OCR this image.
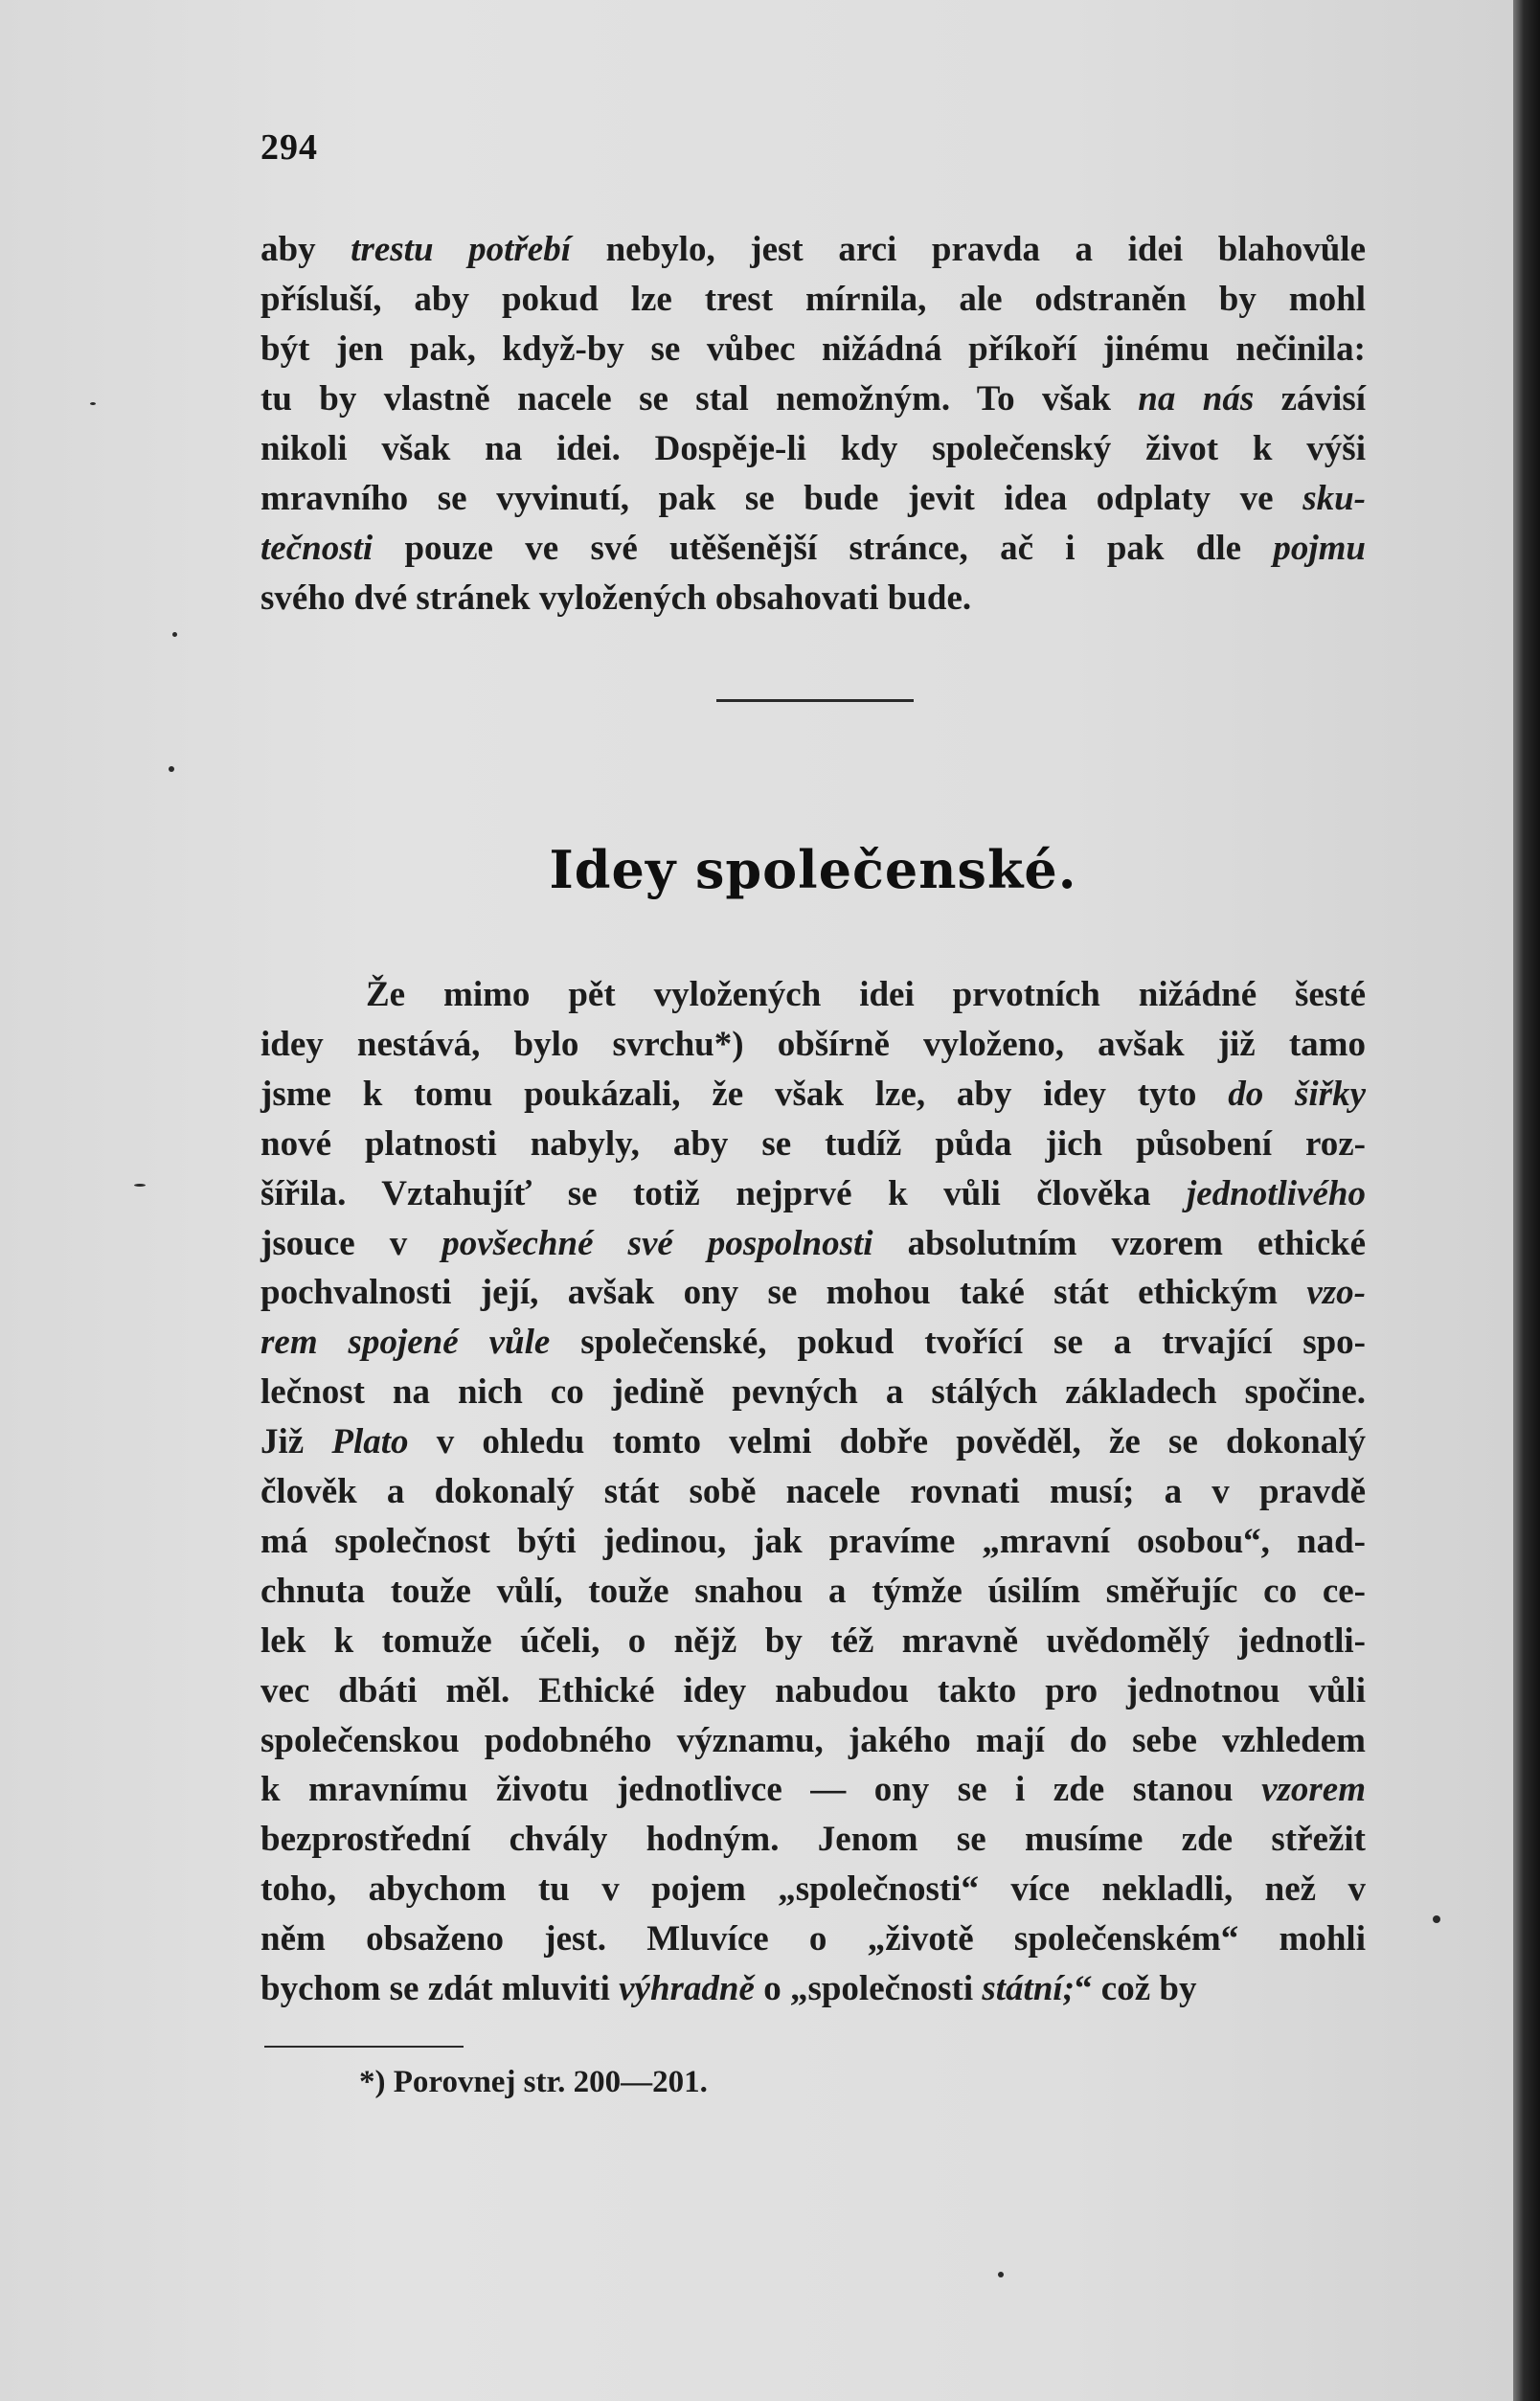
294
aby trestu potřebí nebylo, jest arci pravda a idei blahovůle
přísluší, aby pokud lze trest mírnila, ale odstraněn by mohl
být jen pak, když-by se vůbec nižádná příkoří jinému nečinila:
tu by vlastně nacele se stal nemožným. To však na nás závisí
nikoli však na idei. Dospěje-li kdy společenský život k výši
mravního se vyvinutí, pak se bude jevit idea odplaty ve sku-
tečnosti pouze ve své utěšenější stránce, ač i pak dle pojmu
svého dvé stránek vyložených obsahovati bude.
Idey společenské.
Že mimo pět vyložených idei prvotních nižádné šesté
idey nestává, bylo svrchu*) obšírně vyloženo, avšak již tamo
jsme k tomu poukázali, že však lze, aby idey tyto do šiřky
nové platnosti nabyly, aby se tudíž půda jich působení roz-
šířila. Vztahujíť se totiž nejprvé k vůli člověka jednotlivého
jsouce v povšechné své pospolnosti absolutním vzorem ethické
pochvalnosti její, avšak ony se mohou také stát ethickým vzo-
rem spojené vůle společenské, pokud tvořící se a trvající spo-
lečnost na nich co jedině pevných a stálých základech spočine.
Již Plato v ohledu tomto velmi dobře pověděl, že se dokonalý
člověk a dokonalý stát sobě nacele rovnati musí; a v pravdě
má společnost býti jedinou, jak pravíme „mravní osobou“, nad-
chnuta touže vůlí, touže snahou a týmže úsilím směřujíc co ce-
lek k tomuže účeli, o nějž by též mravně uvědomělý jednotli-
vec dbáti měl. Ethické idey nabudou takto pro jednotnou vůli
společenskou podobného významu, jakého mají do sebe vzhledem
k mravnímu životu jednotlivce — ony se i zde stanou vzorem
bezprostřední chvály hodným. Jenom se musíme zde střežit
toho, abychom tu v pojem „společnosti“ více nekladli, než v
něm obsaženo jest. Mluvíce o „životě společenském“ mohli
bychom se zdát mluviti výhradně o „společnosti státní;“ což by
*) Porovnej str. 200—201.
